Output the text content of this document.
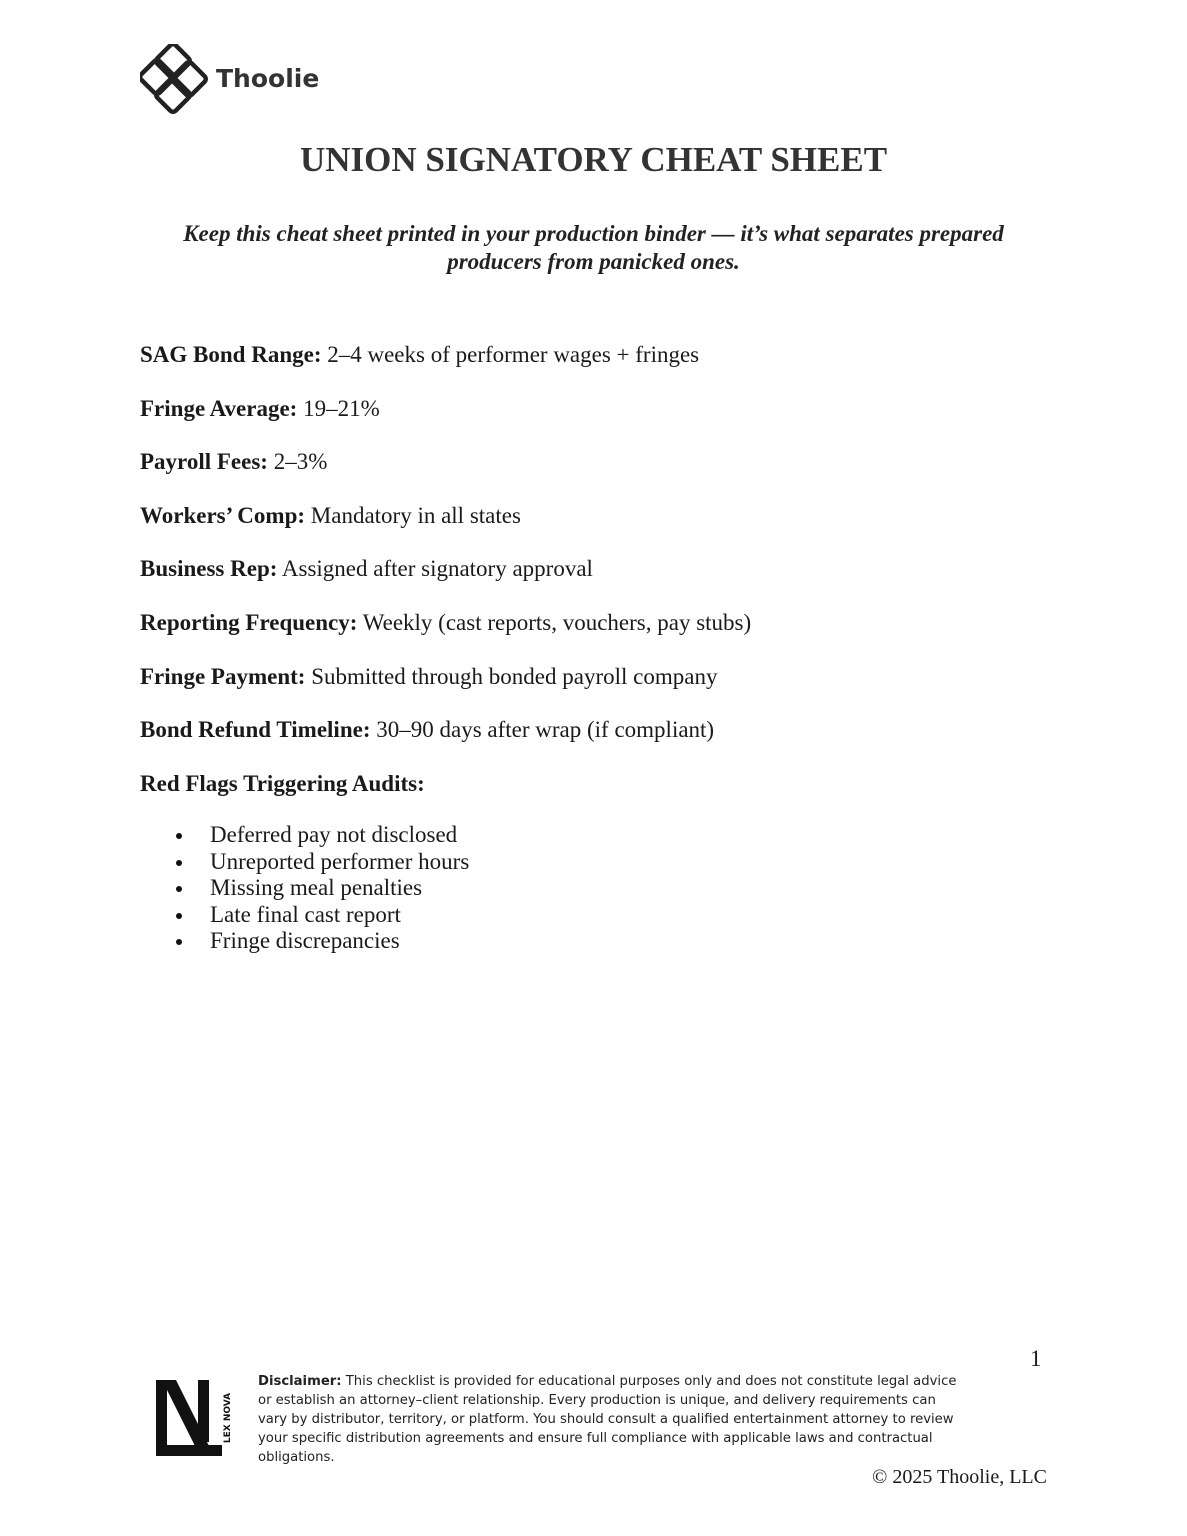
Thoolie
UNION SIGNATORY CHEAT SHEET

Keep this cheat sheet printed in your production binder — it’s what separates prepared producers from panicked ones.

SAG Bond Range: 2–4 weeks of performer wages + fringes
Fringe Average: 19–21%
Payroll Fees: 2–3%
Workers’ Comp: Mandatory in all states
Business Rep: Assigned after signatory approval
Reporting Frequency: Weekly (cast reports, vouchers, pay stubs)
Fringe Payment: Submitted through bonded payroll company
Bond Refund Timeline: 30–90 days after wrap (if compliant)
Red Flags Triggering Audits:
Deferred pay not disclosed
Unreported performer hours
Missing meal penalties
Late final cast report
Fringe discrepancies
1
LEX NOVA

Disclaimer: This checklist is provided for educational purposes only and does not constitute legal advice or establish an attorney–client relationship. Every production is unique, and delivery requirements can vary by distributor, territory, or platform. You should consult a qualified entertainment attorney to review your specific distribution agreements and ensure full compliance with applicable laws and contractual obligations.

© 2025 Thoolie, LLC
